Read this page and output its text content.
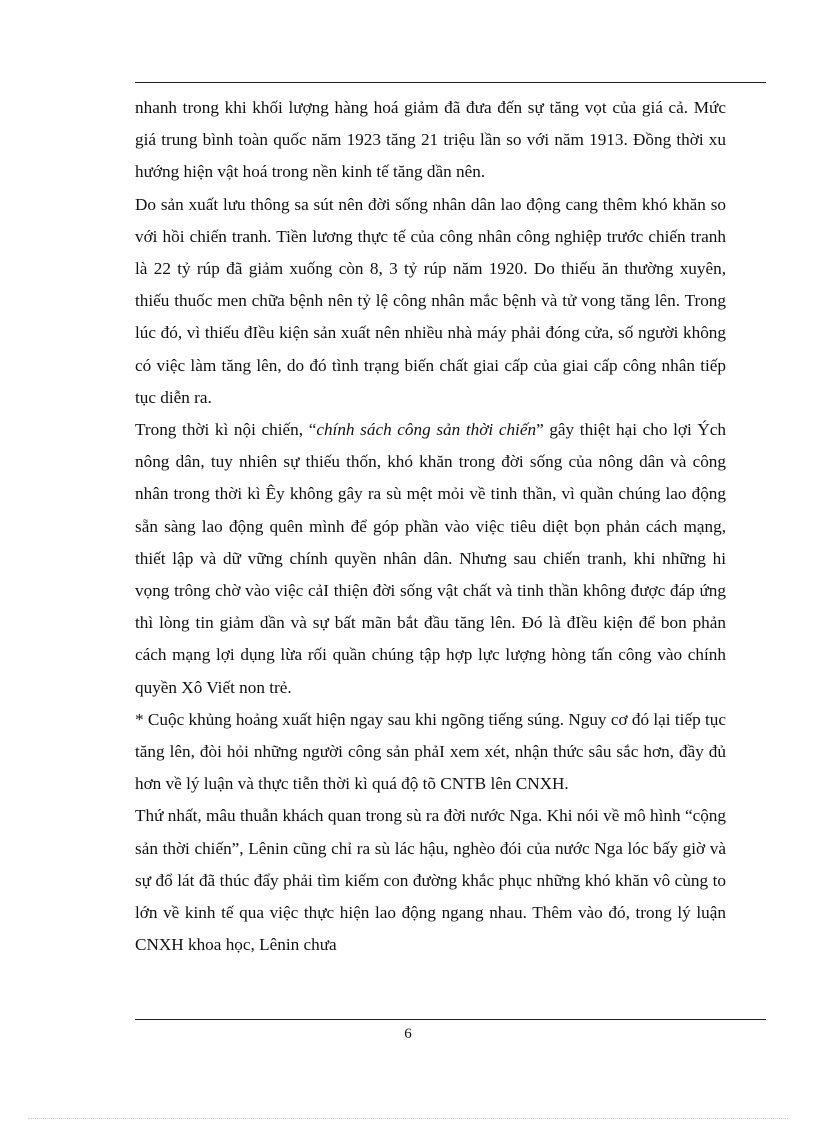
nhanh trong khi khối lượng hàng hoá giảm đã đưa đến sự tăng vọt của giá cả. Mức giá trung bình toàn quốc năm 1923 tăng 21 triệu lần so với năm 1913. Đồng thời xu hướng hiện vật hoá trong nền kinh tế tăng dần nên.

Do sản xuất lưu thông sa sút nên đời sống nhân dân lao động cang thêm khó khăn so với hồi chiến tranh. Tiền lương thực tế của công nhân công nghiệp trước chiến tranh là 22 tỷ rúp đã giảm xuống còn 8, 3 tỷ rúp năm 1920. Do thiếu ăn thường xuyên, thiếu thuốc men chữa bệnh nên tỷ lệ công nhân mắc bệnh và tử vong tăng lên. Trong lúc đó, vì thiếu đIều kiện sản xuất nên nhiều nhà máy phải đóng cửa, số người không có việc làm tăng lên, do đó tình trạng biến chất giai cấp của giai cấp công nhân tiếp tục diễn ra.

Trong thời kì nội chiến, “chính sách công sản thời chiến” gây thiệt hại cho lợi Ých nông dân, tuy nhiên sự thiếu thốn, khó khăn trong đời sống của nông dân và công nhân trong thời kì Êy không gây ra sù mệt mỏi về tinh thần, vì quần chúng lao động sẵn sàng lao động quên mình để góp phần vào việc tiêu diệt bọn phản cách mạng, thiết lập và dữ vững chính quyền nhân dân. Nhưng sau chiến tranh, khi những hi vọng trông chờ vào việc cảI thiện đời sống vật chất và tinh thần không được đáp ứng thì lòng tin giảm dần và sự bất mãn bắt đầu tăng lên. Đó là đIều kiện để bon phản cách mạng lợi dụng lừa rối quần chúng tập hợp lực lượng hòng tấn công vào chính quyền Xô Viết non trẻ.

* Cuộc khủng hoảng xuất hiện ngay sau khi ngõng tiếng súng. Nguy cơ đó lại tiếp tục tăng lên, đòi hỏi những người công sản phảI xem xét, nhận thức sâu sắc hơn, đầy đủ hơn về lý luận và thực tiễn thời kì quá độ tõ CNTB lên CNXH.

Thứ nhất, mâu thuẫn khách quan trong sù ra đời nước Nga. Khi nói về mô hình “cộng sản thời chiến”, Lênin cũng chỉ ra sù lác hậu, nghèo đói của nước Nga lóc bấy giờ và sự đổ lát đã thúc đẩy phải tìm kiếm con đường khắc phục những khó khăn vô cùng to lớn về kinh tế qua việc thực hiện lao động ngang nhau. Thêm vào đó, trong lý luận CNXH khoa học, Lênin chưa

6
